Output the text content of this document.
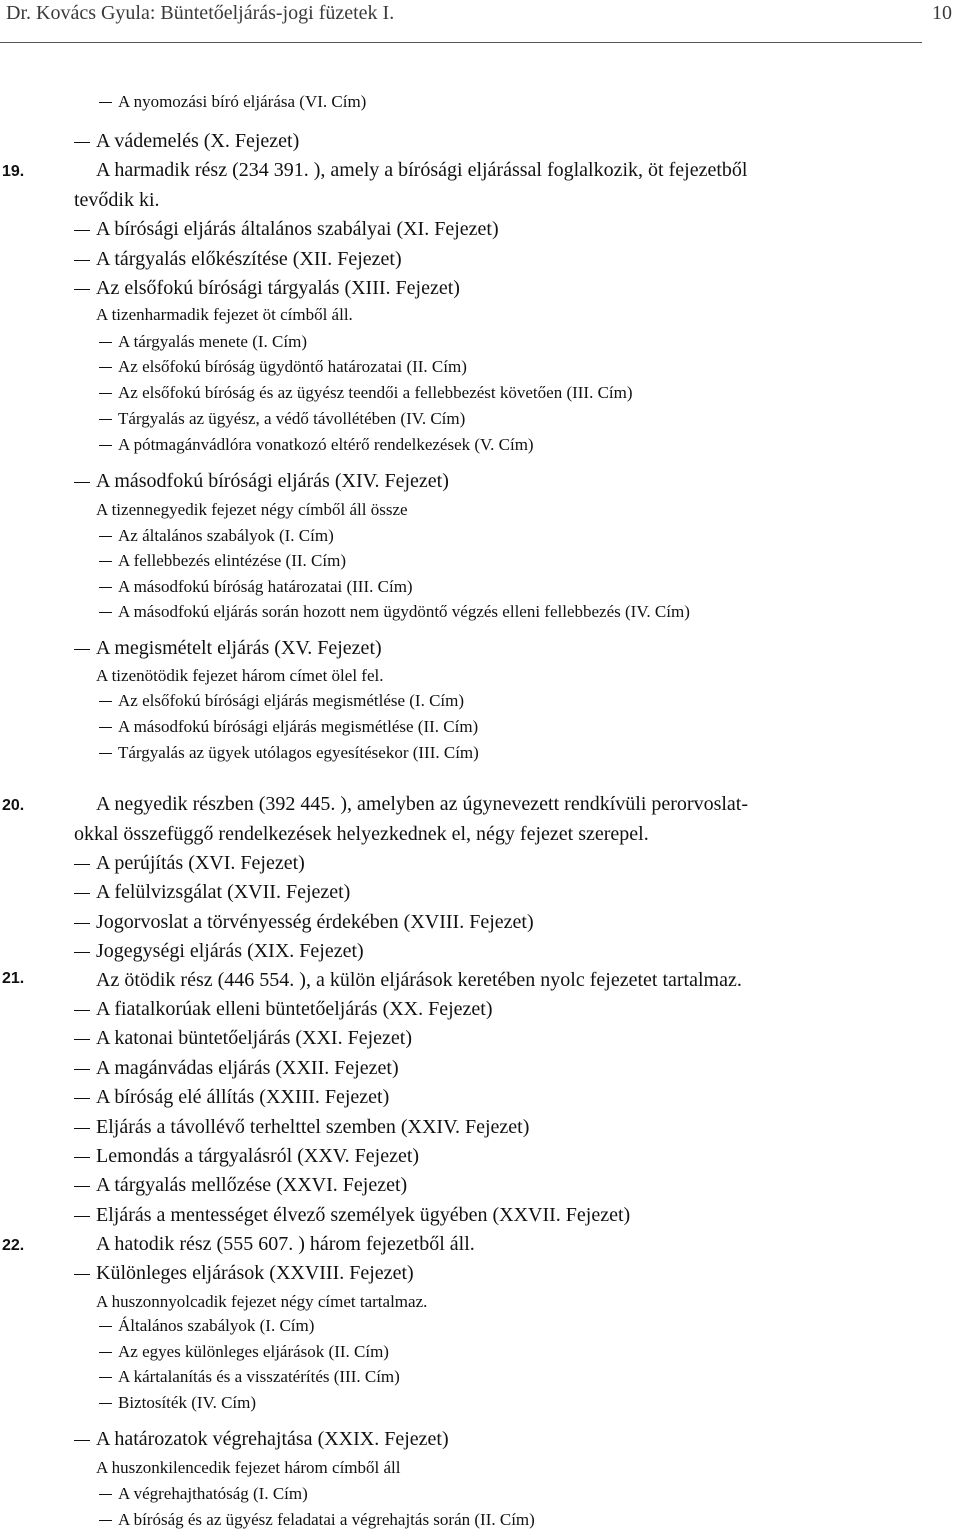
Dr. Kovács Gyula: Büntetőeljárás-jogi füzetek I.	10
19.
20.
21.
22.
A nyomozási bíró eljárása (VI. Cím)
A vádemelés (X. Fejezet)
A harmadik rész (234 391. ), amely a bírósági eljárással foglalkozik, öt fejezetből
tevődik ki.
A bírósági eljárás általános szabályai (XI. Fejezet)
A tárgyalás előkészítése (XII. Fejezet)
Az elsőfokú bírósági tárgyalás (XIII. Fejezet)
A tizenharmadik fejezet öt címből áll.
A tárgyalás menete (I. Cím)
Az elsőfokú bíróság ügydöntő határozatai (II. Cím)
Az elsőfokú bíróság és az ügyész teendői a fellebbezést követően (III. Cím)
Tárgyalás az ügyész, a védő távollétében (IV. Cím)
A pótmagánvádlóra vonatkozó eltérő rendelkezések (V. Cím)
A másodfokú bírósági eljárás (XIV. Fejezet)
A tizennegyedik fejezet négy címből áll össze
Az általános szabályok (I. Cím)
A fellebbezés elintézése (II. Cím)
A másodfokú bíróság határozatai (III. Cím)
A másodfokú eljárás során hozott nem ügydöntő végzés elleni fellebbezés (IV. Cím)
A megismételt eljárás (XV. Fejezet)
A tizenötödik fejezet három címet ölel fel.
Az elsőfokú bírósági eljárás megismétlése (I. Cím)
A másodfokú bírósági eljárás megismétlése (II. Cím)
Tárgyalás az ügyek utólagos egyesítésekor (III. Cím)
A negyedik részben (392 445. ), amelyben az úgynevezett rendkívüli perorvoslat-
okkal összefüggő rendelkezések helyezkednek el, négy fejezet szerepel.
A perújítás (XVI. Fejezet)
A felülvizsgálat (XVII. Fejezet)
Jogorvoslat a törvényesség érdekében (XVIII. Fejezet)
Jogegységi eljárás (XIX. Fejezet)
Az ötödik rész (446 554. ), a külön eljárások keretében nyolc fejezetet tartalmaz.
A fiatalkorúak elleni büntetőeljárás (XX. Fejezet)
A katonai büntetőeljárás (XXI. Fejezet)
A magánvádas eljárás (XXII. Fejezet)
A bíróság elé állítás (XXIII. Fejezet)
Eljárás a távollévő terhelttel szemben (XXIV. Fejezet)
Lemondás a tárgyalásról (XXV. Fejezet)
A tárgyalás mellőzése (XXVI. Fejezet)
Eljárás a mentességet élvező személyek ügyében (XXVII. Fejezet)
A hatodik rész (555 607. ) három fejezetből áll.
Különleges eljárások (XXVIII. Fejezet)
A huszonnyolcadik fejezet négy címet tartalmaz.
Általános szabályok (I. Cím)
Az egyes különleges eljárások (II. Cím)
A kártalanítás és a visszatérítés (III. Cím)
Biztosíték (IV. Cím)
A határozatok végrehajtása (XXIX. Fejezet)
A huszonkilencedik fejezet három címből áll
A végrehajthatóság (I. Cím)
A bíróság és az ügyész feladatai a végrehajtás során (II. Cím)
